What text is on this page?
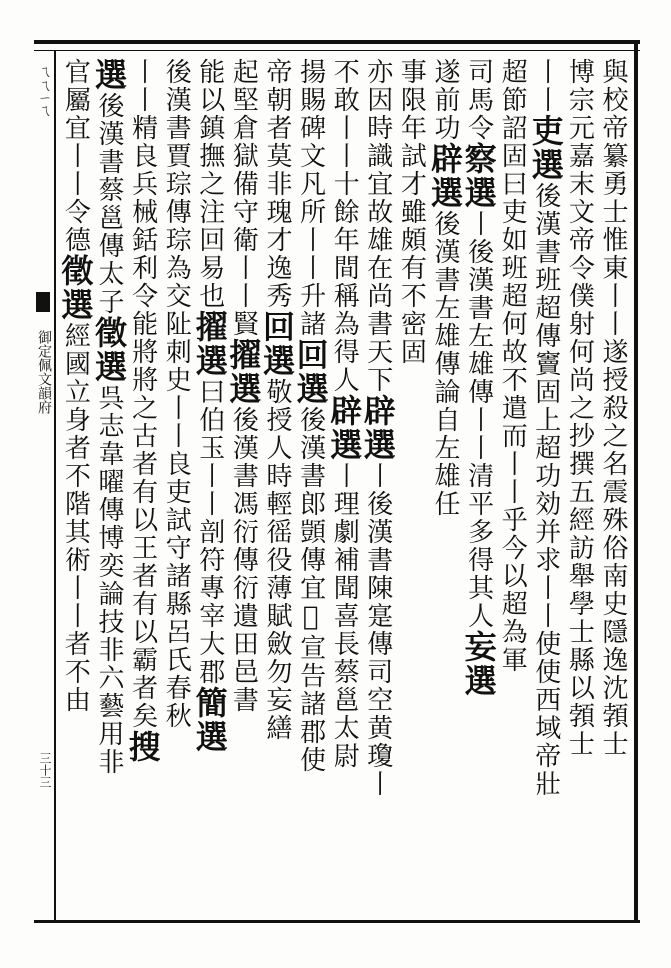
ㄟㄟㄧㄟ
御定佩文韻府
三十三
與校帝纂勇士惟東丨丨遂授殺之名震殊俗南史隱逸沈𩓐士
博宗元嘉末文帝令僕射何尚之抄撰五經訪舉學士縣以𩓐士
丨丨吏選後漢書班超傳竇固上超功効并求丨丨使使西域帝壯
超節詔固曰吏如班超何故不遣而丨丨乎今以超為軍
司馬令察選丨後漢書左雄傳丨丨清平多得其人妄選
遂前功辟選後漢書左雄傳論自左雄任
事限年試才雖頗有不密固
亦因時識宜故雄在尚書天下辟選丨後漢書陳寔傳司空黄瓊丨
不敢丨丨十餘年間稱為得人辟選丨理劇補聞喜長蔡邕太尉
揚賜碑文凡所丨丨升諸回選後漢書郎顗傳宜𠼪宣告諸郡使
帝朝者莫非瑰才逸秀回選敬授人時輕徭役薄賦斂勿妄繕
起堅倉獄備守衛丨丨賢擢選後漢書馮衍傳衍遺田邑書
能以鎮撫之注回易也擢選曰伯玉丨丨剖符專宰大郡簡選
後漢書賈琮傳琮為交阯刺史丨丨良吏試守諸縣呂氏春秋
丨丨精良兵械銛利令能將將之古者有以王者有以霸者矣搜
選後漢書蔡邕傳太子徵選呉志韋曜傳博奕論技非六藝用非
官屬宜丨丨令德徵選經國立身者不階其術丨丨者不由
